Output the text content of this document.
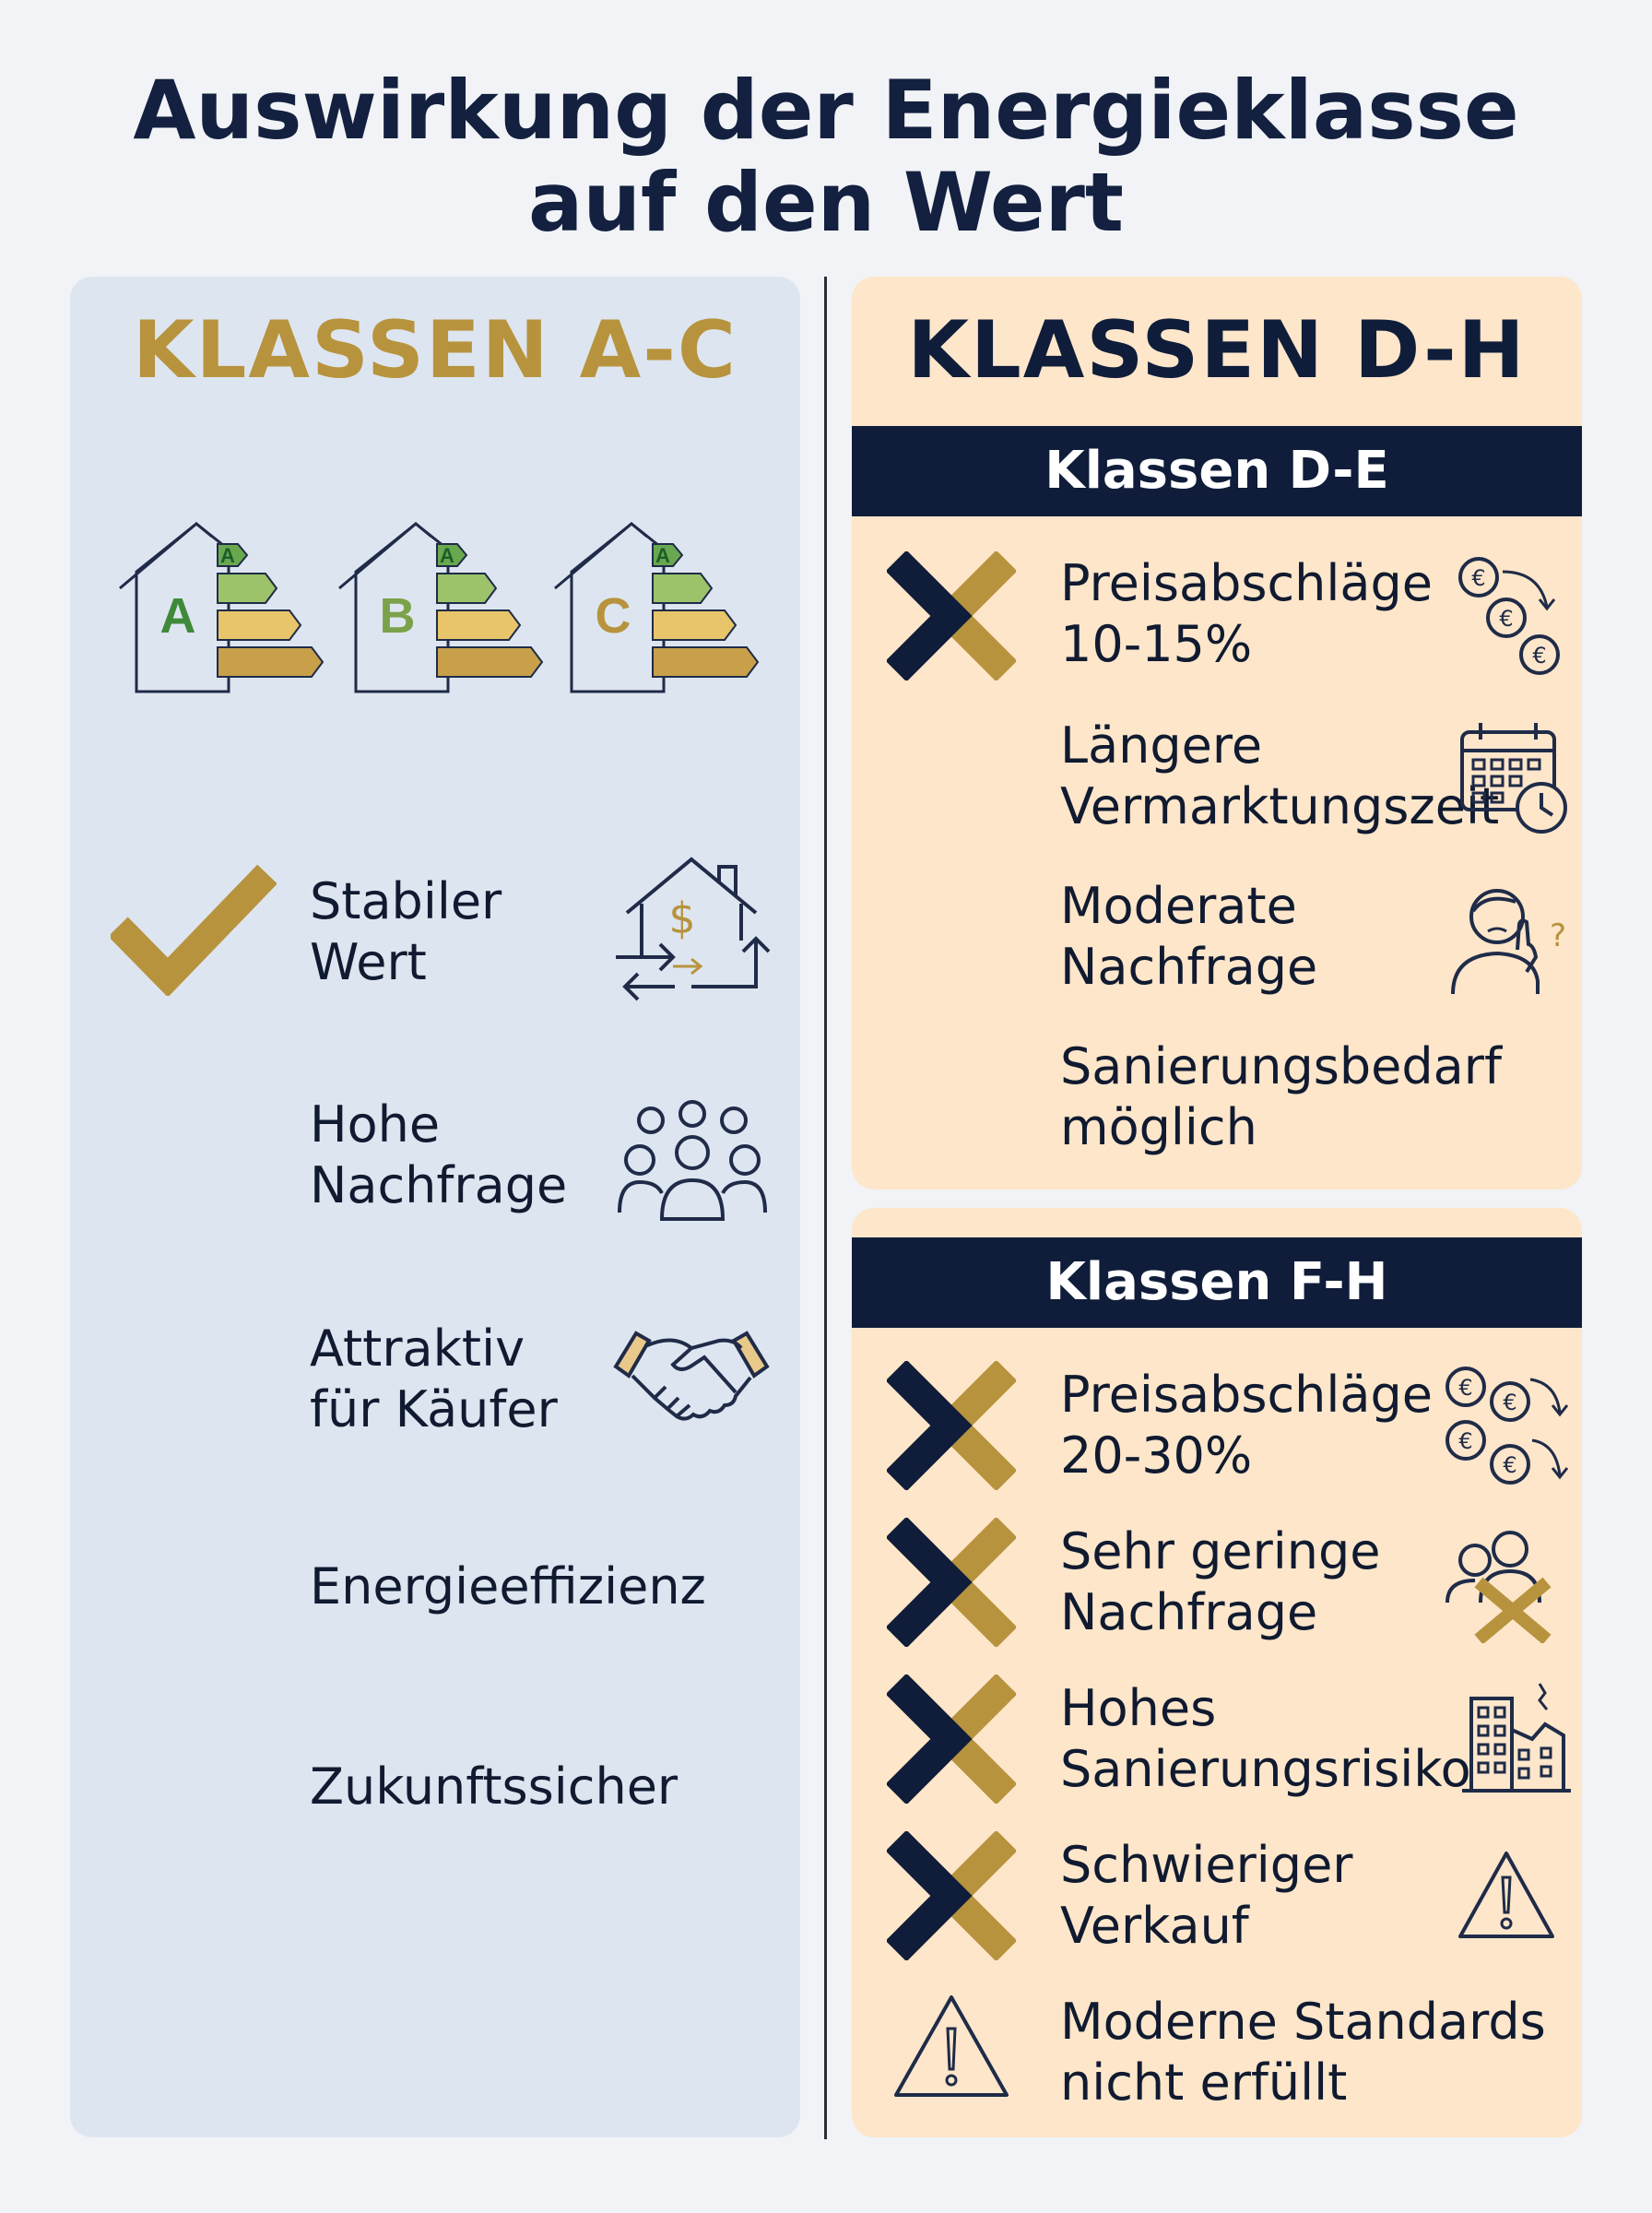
Auswirkung der Energieklasse
auf den Wert
KLASSEN A-C	KLASSEN D-H
A	A	A
A	B	C
Stabiler
Wert
Hohe
Nachfrage
Attraktiv
für Käufer
Energieeffizienz
Zukunftssicher
$
Klassen D-E
Klassen F-H
Preisabschläge
10-15%
Längere
Vermarktungszeit
Moderate
Nachfrage
Sanierungsbedarf
möglich
€
€
€
?
Preisabschläge
20-30%
Sehr geringe
Nachfrage
Hohes
Sanierungsrisiko
Schwieriger
Verkauf
Moderne Standards
nicht erfüllt
€
€
€
€
